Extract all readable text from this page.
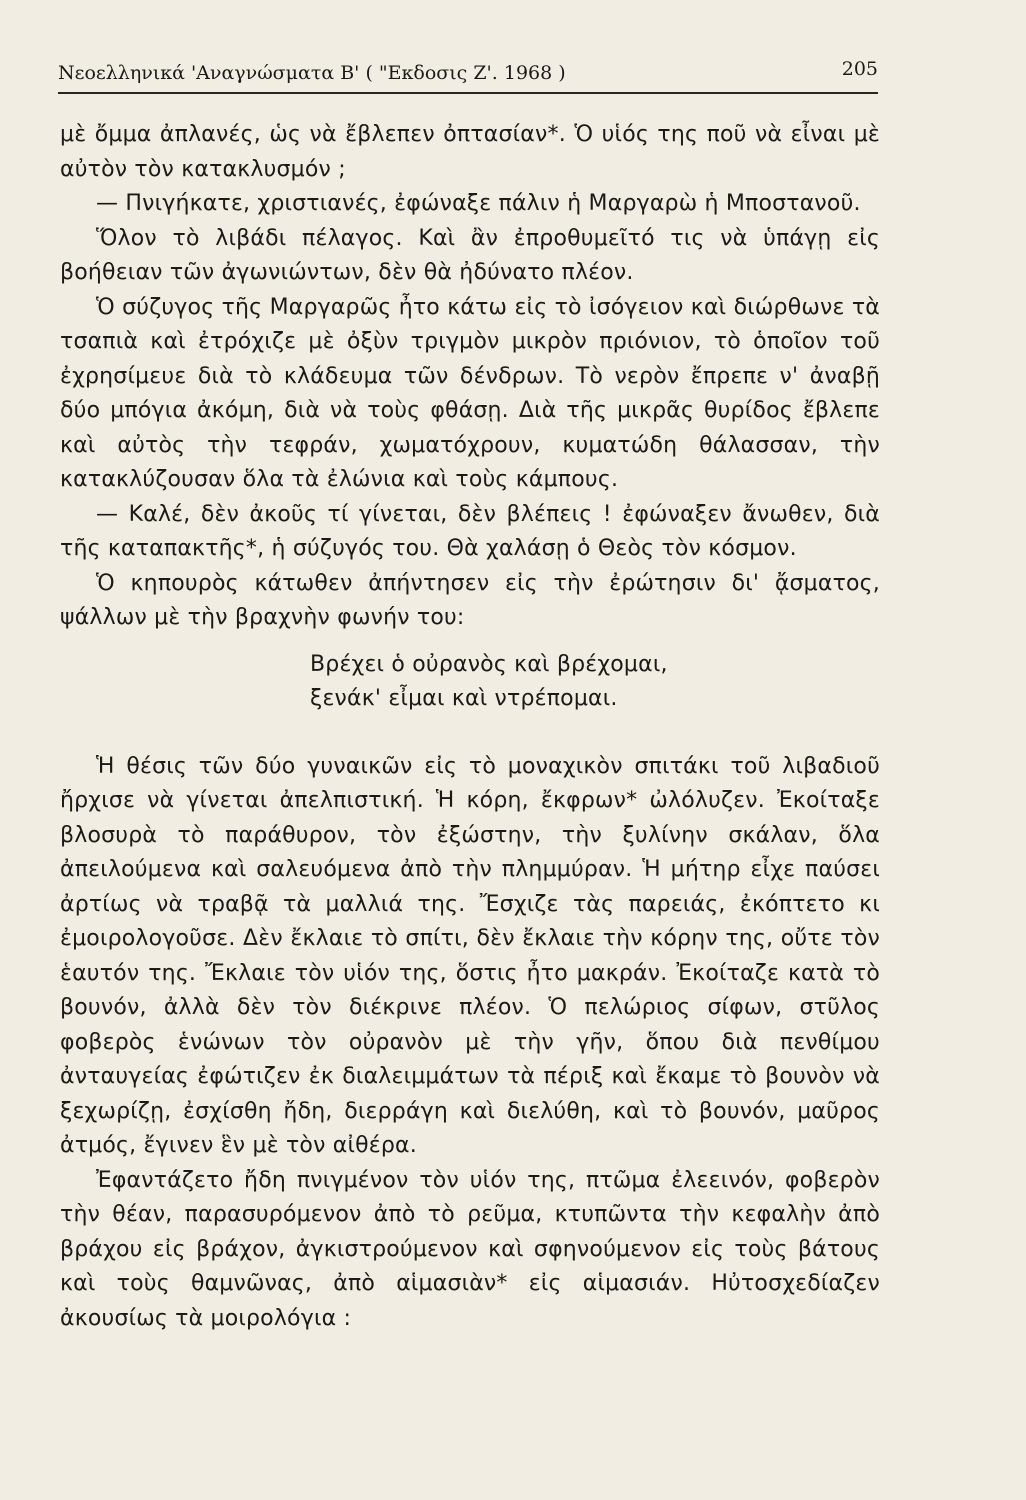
Νεοελληνικά 'Αναγνώσματα Β' ( "Εκδοσις Ζ'. 1968 )	205

μὲ ὄμμα ἀπλανές, ὡς νὰ ἔβλεπεν ὀπτασίαν*. Ὁ υἱός της ποῦ νὰ εἶναι μὲ αὐτὸν τὸν κατακλυσμόν ;

— Πνιγήκατε, χριστιανές, ἐφώναξε πάλιν ἡ Μαργαρὼ ἡ Μποστανοῦ.

Ὅλον τὸ λιβάδι πέλαγος. Καὶ ἂν ἐπροθυμεῖτό τις νὰ ὑπάγῃ εἰς βοήθειαν τῶν ἀγωνιώντων, δὲν θὰ ἠδύνατο πλέον.

Ὁ σύζυγος τῆς Μαργαρῶς ἦτο κάτω εἰς τὸ ἰσόγειον καὶ διώρθωνε τὰ τσαπιὰ καὶ ἐτρόχιζε μὲ ὀξὺν τριγμὸν μικρὸν πριόνιον, τὸ ὁποῖον τοῦ ἐχρησίμευε διὰ τὸ κλάδευμα τῶν δένδρων. Τὸ νερὸν ἔπρεπε ν' ἀναβῇ δύο μπόγια ἀκόμη, διὰ νὰ τοὺς φθάσῃ. Διὰ τῆς μικρᾶς θυρίδος ἔβλεπε καὶ αὐτὸς τὴν τεφράν, χωματόχρουν, κυματώδη θάλασσαν, τὴν κατακλύζουσαν ὅλα τὰ ἐλώνια καὶ τοὺς κάμπους.

— Καλέ, δὲν ἀκοῦς τί γίνεται, δὲν βλέπεις ! ἐφώναξεν ἄνωθεν, διὰ τῆς καταπακτῆς*, ἡ σύζυγός του. Θὰ χαλάσῃ ὁ Θεὸς τὸν κόσμον.

Ὁ κηπουρὸς κάτωθεν ἀπήντησεν εἰς τὴν ἐρώτησιν δι' ᾄσματος, ψάλλων μὲ τὴν βραχνὴν φωνήν του:

Βρέχει ὁ οὐρανὸς καὶ βρέχομαι,
ξενάκ' εἶμαι καὶ ντρέπομαι.

Ἡ θέσις τῶν δύο γυναικῶν εἰς τὸ μοναχικὸν σπιτάκι τοῦ λιβαδιοῦ ἤρχισε νὰ γίνεται ἀπελπιστική. Ἡ κόρη, ἔκφρων* ὠλόλυζεν. Ἐκοίταξε βλοσυρὰ τὸ παράθυρον, τὸν ἐξώστην, τὴν ξυλίνην σκάλαν, ὅλα ἀπειλούμενα καὶ σαλευόμενα ἀπὸ τὴν πλημμύραν. Ἡ μήτηρ εἶχε παύσει ἀρτίως νὰ τραβᾷ τὰ μαλλιά της. Ἔσχιζε τὰς παρειάς, ἐκόπτετο κι ἐμοιρολογοῦσε. Δὲν ἔκλαιε τὸ σπίτι, δὲν ἔκλαιε τὴν κόρην της, οὔτε τὸν ἑαυτόν της. Ἔκλαιε τὸν υἱόν της, ὅστις ἦτο μακράν. Ἐκοίταζε κατὰ τὸ βουνόν, ἀλλὰ δὲν τὸν διέκρινε πλέον. Ὁ πελώριος σίφων, στῦλος φοβερὸς ἑνώνων τὸν οὐρανὸν μὲ τὴν γῆν, ὅπου διὰ πενθίμου ἀνταυγείας ἐφώτιζεν ἐκ διαλειμμάτων τὰ πέριξ καὶ ἔκαμε τὸ βουνὸν νὰ ξεχωρίζῃ, ἐσχίσθη ἤδη, διερράγη καὶ διελύθη, καὶ τὸ βουνόν, μαῦρος ἀτμός, ἔγινεν ἓν μὲ τὸν αἰθέρα.

Ἐφαντάζετο ἤδη πνιγμένον τὸν υἱόν της, πτῶμα ἐλεεινόν, φοβερὸν τὴν θέαν, παρασυρόμενον ἀπὸ τὸ ρεῦμα, κτυπῶντα τὴν κεφαλὴν ἀπὸ βράχου εἰς βράχον, ἀγκιστρούμενον καὶ σφηνούμενον εἰς τοὺς βάτους καὶ τοὺς θαμνῶνας, ἀπὸ αἱμασιὰν* εἰς αἱμασιάν. Ηὐτοσχεδίαζεν ἀκουσίως τὰ μοιρολόγια :
